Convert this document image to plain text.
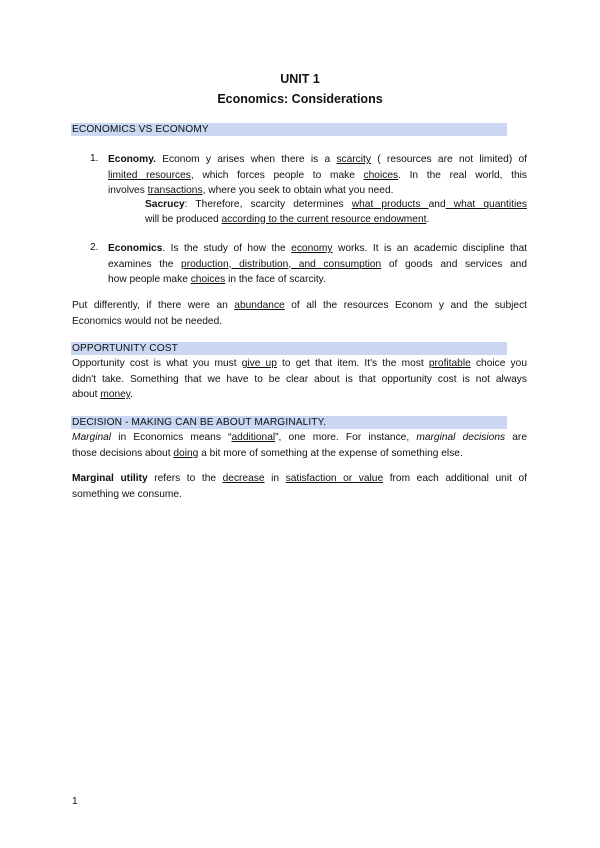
UNIT 1
Economics: Considerations
ECONOMICS VS ECONOMY
1. Economy. Econom y arises when there is a scarcity ( resources are not limited) of
limited resources, which forces people to make choices. In the real world, this
involves transactions, where you seek to obtain what you need.
Sacrucy: Therefore, scarcity determines what products and what quantities
will be produced according to the current resource endowment.
2. Economics. Is the study of how the economy works. It is an academic discipline that
examines the production, distribution, and consumption of goods and services and
how people make choices in the face of scarcity.
Put differently, if there were an abundance of all the resources Econom y and the subject
Economics would not be needed.
OPPORTUNITY COST
Opportunity cost is what you must give up to get that item. It's the most profitable choice you
didn't take. Something that we have to be clear about is that opportunity cost is not always
about money.
DECISION - MAKING CAN BE ABOUT MARGINALITY.
Marginal in Economics means “additional”, one more. For instance, marginal decisions are
those decisions about doing a bit more of something at the expense of something else.
Marginal utility refers to the decrease in satisfaction or value from each additional unit of
something we consume.
1
